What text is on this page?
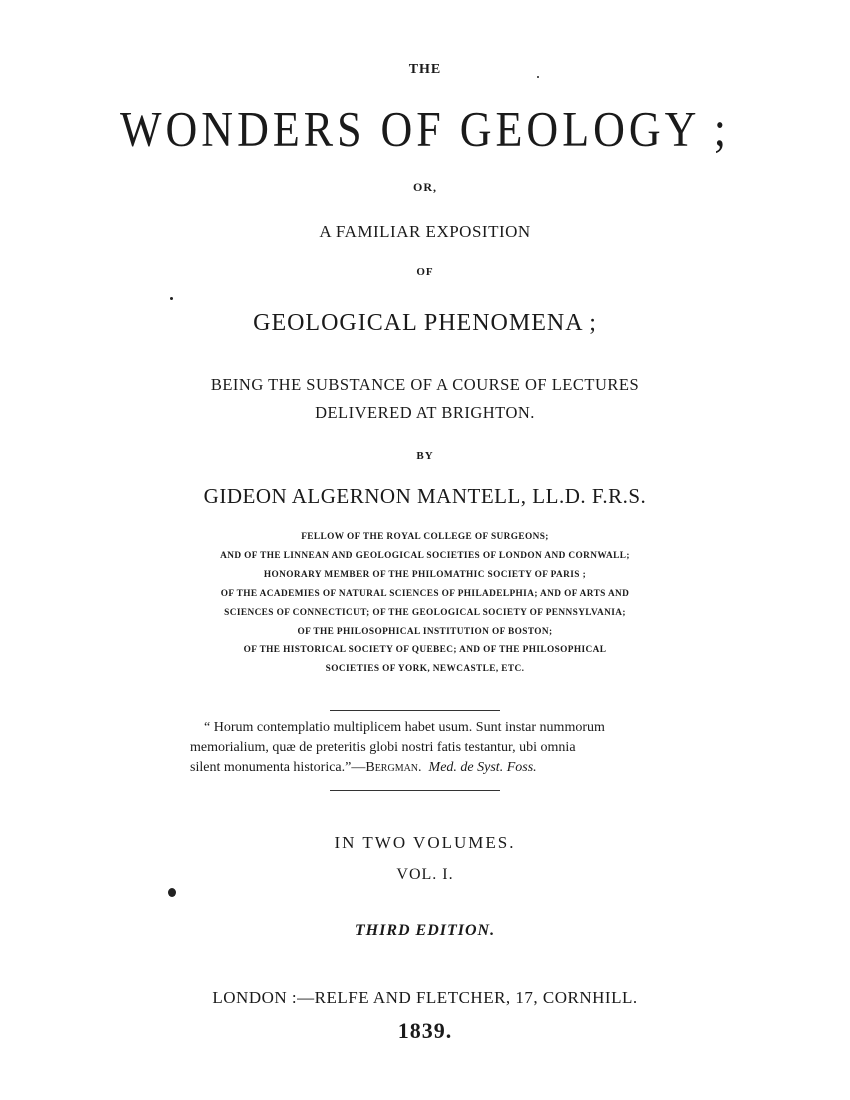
THE
WONDERS OF GEOLOGY ;
OR,
A FAMILIAR EXPOSITION
OF
GEOLOGICAL PHENOMENA ;
BEING THE SUBSTANCE OF A COURSE OF LECTURES
DELIVERED AT BRIGHTON.
BY
GIDEON ALGERNON MANTELL, LL.D. F.R.S.
FELLOW OF THE ROYAL COLLEGE OF SURGEONS;
AND OF THE LINNEAN AND GEOLOGICAL SOCIETIES OF LONDON AND CORNWALL;
HONORARY MEMBER OF THE PHILOMATHIC SOCIETY OF PARIS ;
OF THE ACADEMIES OF NATURAL SCIENCES OF PHILADELPHIA; AND OF ARTS AND
SCIENCES OF CONNECTICUT; OF THE GEOLOGICAL SOCIETY OF PENNSYLVANIA;
OF THE PHILOSOPHICAL INSTITUTION OF BOSTON;
OF THE HISTORICAL SOCIETY OF QUEBEC; AND OF THE PHILOSOPHICAL
SOCIETIES OF YORK, NEWCASTLE, ETC.
“ Horum contemplatio multiplicem habet usum. Sunt instar nummorum
memorialium, quæ de preteritis globi nostri fatis testantur, ubi omnia
silent monumenta historica.”—Bergman. Med. de Syst. Foss.
IN TWO VOLUMES.
VOL. I.
THIRD EDITION.
LONDON :—RELFE AND FLETCHER, 17, CORNHILL.
1839.
